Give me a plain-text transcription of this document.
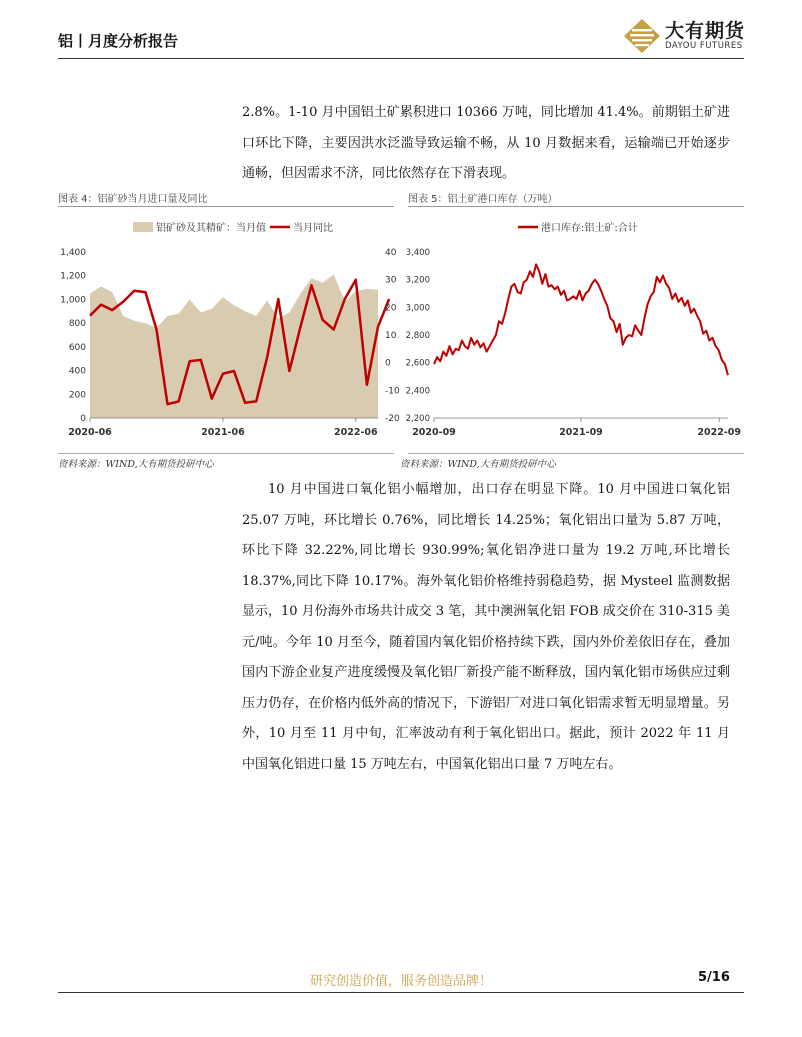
铝丨月度分析报告	大有期货
DAYOU FUTURES
2.8%。1-10 月中国铝土矿累积进口 10366 万吨，同比增加 41.4%。前期铝土矿进口环比下降，主要因洪水泛滥导致运输不畅，从 10 月数据来看，运输端已开始逐步通畅，但因需求不济，同比依然存在下滑表现。
图表 4：铝矿砂当月进口量及同比	图表 5：铝土矿港口库存（万吨）
铝矿砂及其精矿：当月值	当月同比
0
200
400
600
800
1,000
1,200
1,400
-20
-10
0
10
20
30
40
2020-06	2021-06	2022-06
港口库存:铝土矿:合计
2,200
2,400
2,600
2,800
3,000
3,200
3,400
2020-09	2021-09	2022-09
资料来源：WIND,大有期货投研中心	资料来源：WIND,大有期货投研中心
10 月中国进口氧化铝小幅增加，出口存在明显下降。10 月中国进口氧化铝 25.07 万吨，环比增长 0.76%，同比增长 14.25%；氧化铝出口量为 5.87 万吨，环比下降 32.22%,同比增长 930.99%;氧化铝净进口量为 19.2 万吨,环比增长 18.37%,同比下降 10.17%。海外氧化铝价格维持弱稳趋势，据 Mysteel 监测数据显示，10 月份海外市场共计成交 3 笔，其中澳洲氧化铝 FOB 成交价在 310-315 美元/吨。今年 10 月至今，随着国内氧化铝价格持续下跌，国内外价差依旧存在，叠加国内下游企业复产进度缓慢及氧化铝厂新投产能不断释放，国内氧化铝市场供应过剩压力仍存，在价格内低外高的情况下，下游铝厂对进口氧化铝需求暂无明显增量。另外，10 月至 11 月中旬，汇率波动有利于氧化铝出口。据此，预计 2022 年 11 月中国氧化铝进口量 15 万吨左右，中国氧化铝出口量 7 万吨左右。
研究创造价值，服务创造品牌！	5/16
